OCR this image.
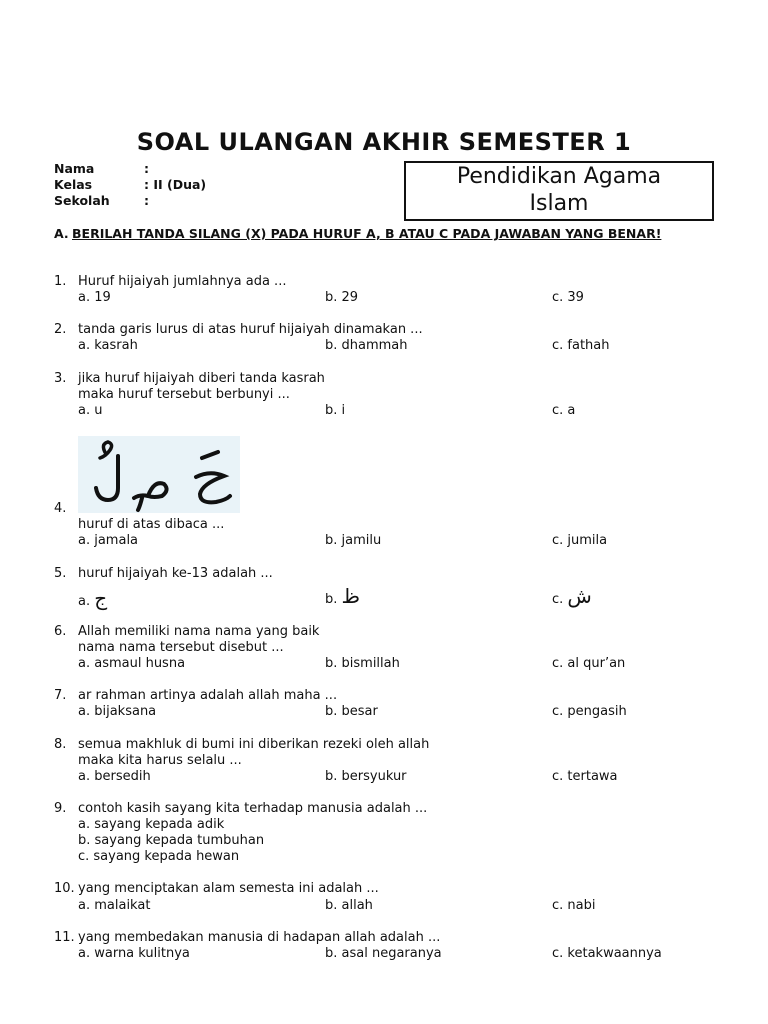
SOAL ULANGAN AKHIR SEMESTER 1
Nama	:
Kelas	: II (Dua)
Sekolah	:
Pendidikan Agama
Islam
A. BERILAH TANDA SILANG (X) PADA HURUF A, B ATAU C PADA JAWABAN YANG BENAR!
1. Huruf hijaiyah jumlahnya ada ...
a. 19	b. 29	c. 39
2. tanda garis lurus di atas huruf hijaiyah dinamakan ...
a. kasrah	b. dhammah	c. fathah
3. jika huruf hijaiyah diberi tanda kasrah
maka huruf tersebut berbunyi ...
a. u	b. i	c. a
4.
huruf di atas dibaca ...
a. jamala	b. jamilu	c. jumila
5. huruf hijaiyah ke-13 adalah ...
a. ج	b. ظ	c. ش
6. Allah memiliki nama nama yang baik
nama nama tersebut disebut ...
a. asmaul husna	b. bismillah	c. al qur’an
7. ar rahman artinya adalah allah maha ...
a. bijaksana	b. besar	c. pengasih
8. semua makhluk di bumi ini diberikan rezeki oleh allah
maka kita harus selalu ...
a. bersedih	b. bersyukur	c. tertawa
9. contoh kasih sayang kita terhadap manusia adalah ...
a. sayang kepada adik
b. sayang kepada tumbuhan
c. sayang kepada hewan
10. yang menciptakan alam semesta ini adalah ...
a. malaikat	b. allah	c. nabi
11. yang membedakan manusia di hadapan allah adalah ...
a. warna kulitnya	b. asal negaranya	c. ketakwaannya
